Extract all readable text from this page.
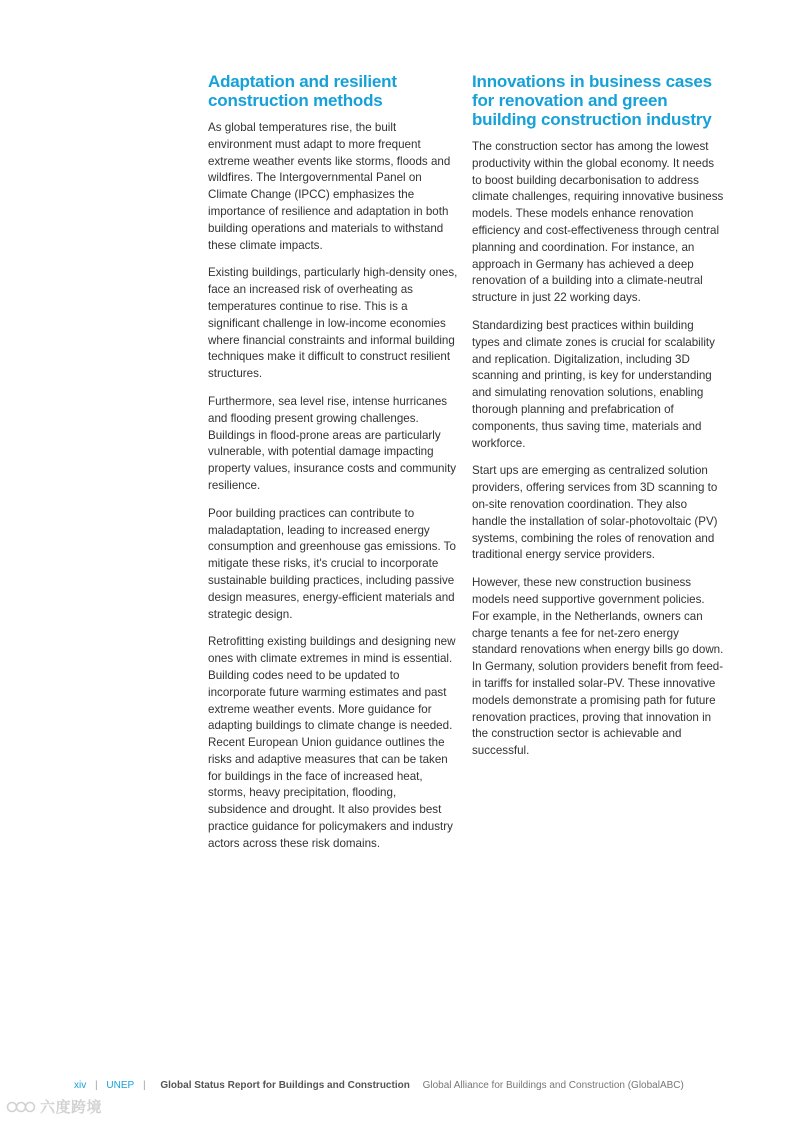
Adaptation and resilient construction methods

As global temperatures rise, the built environment must adapt to more frequent extreme weather events like storms, floods and wildfires. The Intergovernmental Panel on Climate Change (IPCC) emphasizes the importance of resilience and adaptation in both building operations and materials to withstand these climate impacts.

Existing buildings, particularly high-density ones, face an increased risk of overheating as temperatures continue to rise. This is a significant challenge in low-income economies where financial constraints and informal building techniques make it difficult to construct resilient structures.

Furthermore, sea level rise, intense hurricanes and flooding present growing challenges. Buildings in flood-prone areas are particularly vulnerable, with potential damage impacting property values, insurance costs and community resilience.

Poor building practices can contribute to maladaptation, leading to increased energy consumption and greenhouse gas emissions. To mitigate these risks, it's crucial to incorporate sustainable building practices, including passive design measures, energy-efficient materials and strategic design.

Retrofitting existing buildings and designing new ones with climate extremes in mind is essential. Building codes need to be updated to incorporate future warming estimates and past extreme weather events. More guidance for adapting buildings to climate change is needed. Recent European Union guidance outlines the risks and adaptive measures that can be taken for buildings in the face of increased heat, storms, heavy precipitation, flooding, subsidence and drought. It also provides best practice guidance for policymakers and industry actors across these risk domains.

Innovations in business cases for renovation and green building construction industry

The construction sector has among the lowest productivity within the global economy. It needs to boost building decarbonisation to address climate challenges, requiring innovative business models. These models enhance renovation efficiency and cost-effectiveness through central planning and coordination. For instance, an approach in Germany has achieved a deep renovation of a building into a climate-neutral structure in just 22 working days.

Standardizing best practices within building types and climate zones is crucial for scalability and replication. Digitalization, including 3D scanning and printing, is key for understanding and simulating renovation solutions, enabling thorough planning and prefabrication of components, thus saving time, materials and workforce.

Start ups are emerging as centralized solution providers, offering services from 3D scanning to on-site renovation coordination. They also handle the installation of solar-photovoltaic (PV) systems, combining the roles of renovation and traditional energy service providers.

However, these new construction business models need supportive government policies. For example, in the Netherlands, owners can charge tenants a fee for net-zero energy standard renovations when energy bills go down. In Germany, solution providers benefit from feed-in tariffs for installed solar-PV. These innovative models demonstrate a promising path for future renovation practices, proving that innovation in the construction sector is achievable and successful.

xiv | UNEP | Global Status Report for Buildings and Construction Global Alliance for Buildings and Construction (GlobalABC)
六度跨境
